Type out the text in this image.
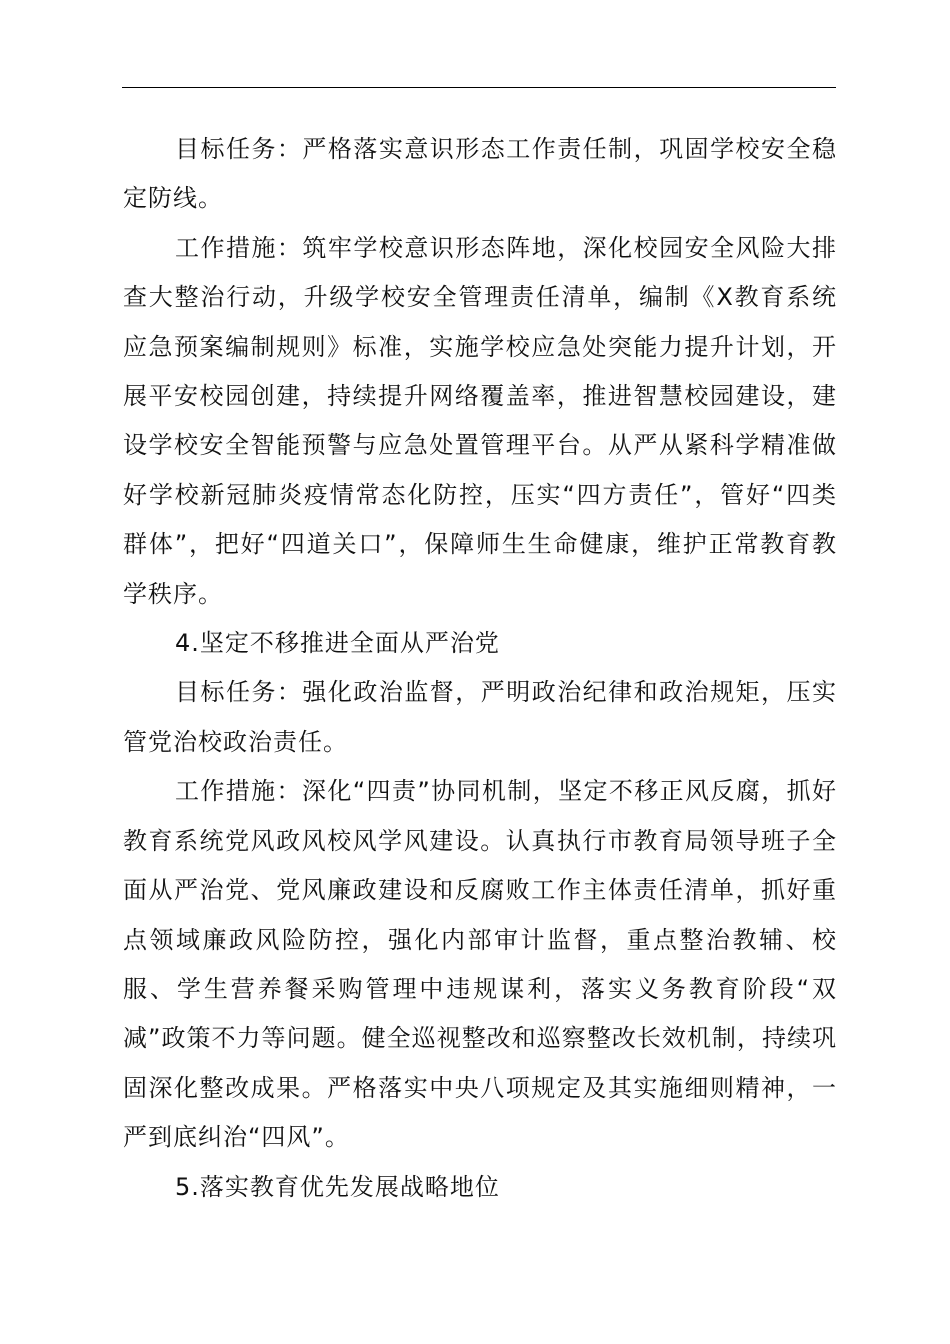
目标任务：严格落实意识形态工作责任制，巩固学校安全稳定防线。

工作措施：筑牢学校意识形态阵地，深化校园安全风险大排查大整治行动，升级学校安全管理责任清单，编制《X教育系统应急预案编制规则》标准，实施学校应急处突能力提升计划，开展平安校园创建，持续提升网络覆盖率，推进智慧校园建设，建设学校安全智能预警与应急处置管理平台。从严从紧科学精准做好学校新冠肺炎疫情常态化防控，压实“四方责任”，管好“四类群体”，把好“四道关口”，保障师生生命健康，维护正常教育教学秩序。

4.坚定不移推进全面从严治党

目标任务：强化政治监督，严明政治纪律和政治规矩，压实管党治校政治责任。

工作措施：深化“四责”协同机制，坚定不移正风反腐，抓好教育系统党风政风校风学风建设。认真执行市教育局领导班子全面从严治党、党风廉政建设和反腐败工作主体责任清单，抓好重点领域廉政风险防控，强化内部审计监督，重点整治教辅、校服、学生营养餐采购管理中违规谋利，落实义务教育阶段“双减”政策不力等问题。健全巡视整改和巡察整改长效机制，持续巩固深化整改成果。严格落实中央八项规定及其实施细则精神，一严到底纠治“四风”。

5.落实教育优先发展战略地位
